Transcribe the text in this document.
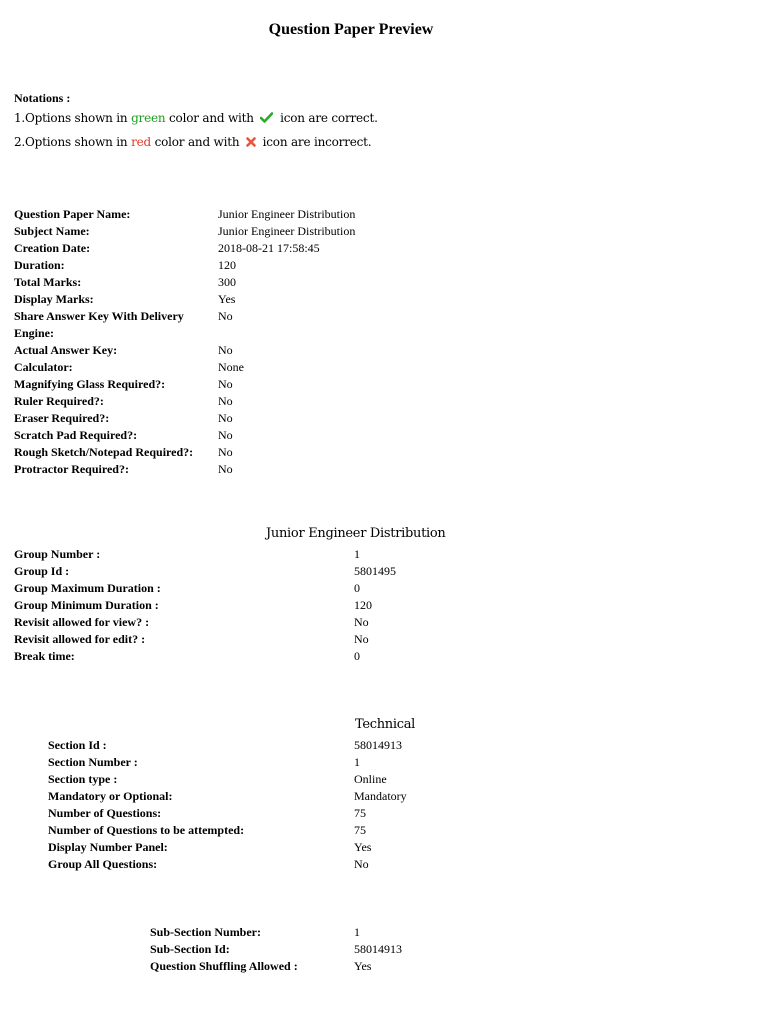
Question Paper Preview
Notations :
1.Options shown in green color and with  icon are correct.
2.Options shown in red color and with  icon are incorrect.
Question Paper Name:	Junior Engineer Distribution
Subject Name:	Junior Engineer Distribution
Creation Date:	2018-08-21 17:58:45
Duration:	120
Total Marks:	300
Display Marks:	Yes
Share Answer Key With Delivery Engine:
No
Actual Answer Key:	No
Calculator:	None
Magnifying Glass Required?:	No
Ruler Required?:	No
Eraser Required?:	No
Scratch Pad Required?:	No
Rough Sketch/Notepad Required?:	No
Protractor Required?:	No
Junior Engineer Distribution
Group Number :	1
Group Id :	5801495
Group Maximum Duration :	0
Group Minimum Duration :	120
Revisit allowed for view? :	No
Revisit allowed for edit? :	No
Break time:	0
Technical
Section Id :	58014913
Section Number :	1
Section type :	Online
Mandatory or Optional:	Mandatory
Number of Questions:	75
Number of Questions to be attempted:	75
Display Number Panel:	Yes
Group All Questions:	No
Sub-Section Number:	1
Sub-Section Id:	58014913
Question Shuffling Allowed :	Yes
